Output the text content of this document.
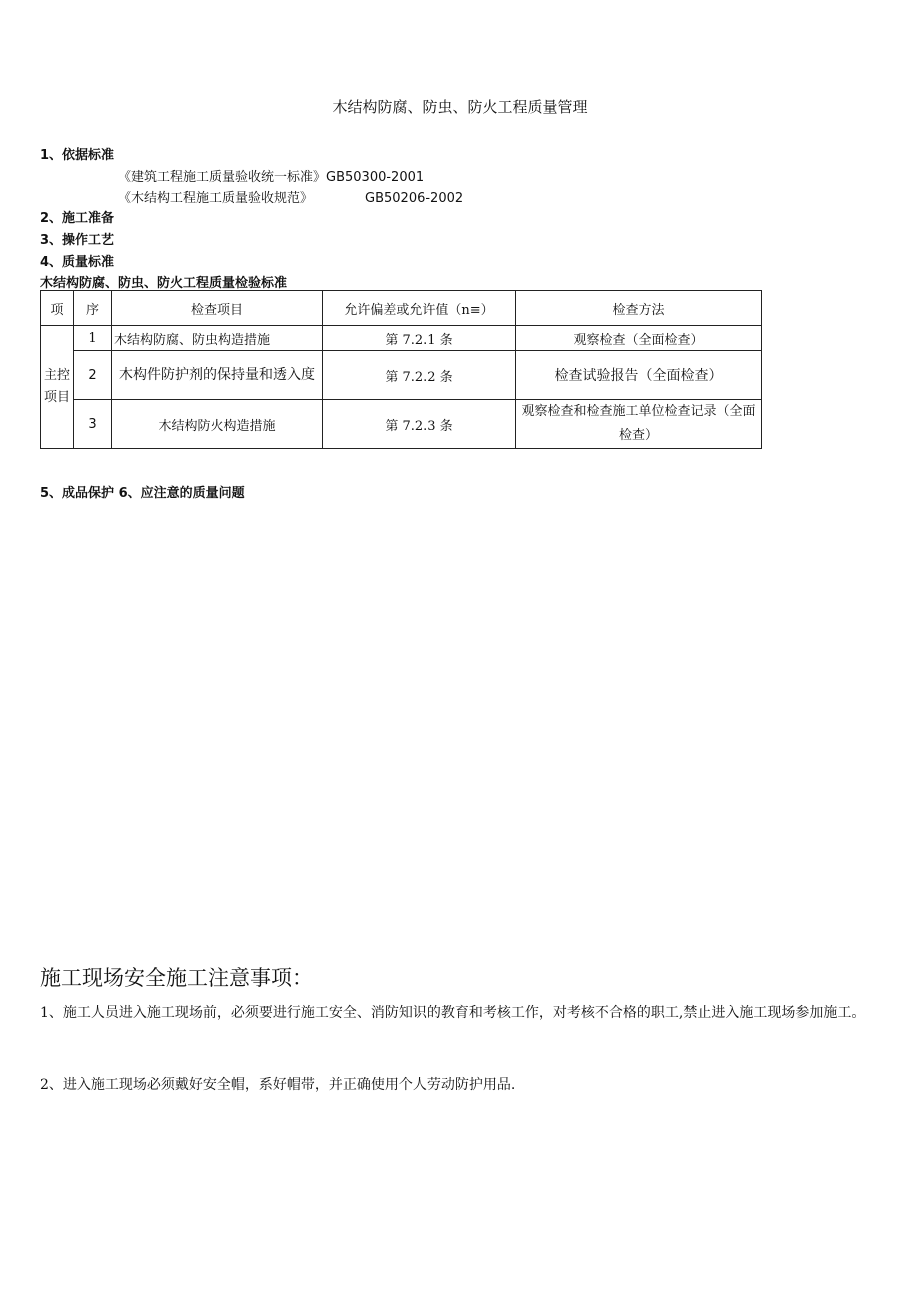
木结构防腐、防虫、防火工程质量管理
1、依据标准
《建筑工程施工质量验收统一标准》GB50300-2001
《木结构工程施工质量验收规范》	GB50206-2002
2、施工准备
3、操作工艺
4、质量标准
木结构防腐、防虫、防火工程质量检验标准
项	序	检查项目	允许偏差或允许值（n≡）	检查方法
主控项目	1	木结构防腐、防虫构造措施	第 7.2.1 条	观察检查（全面检查）
	2	木构件防护剂的保持量和透入度	第 7.2.2 条	检查试验报告（全面检查）
	3	木结构防火构造措施	第 7.2.3 条	观察检查和检查施工单位检查记录（全面检查）
5、成品保护 6、应注意的质量问题
施工现场安全施工注意事项：
1、施工人员进入施工现场前，必须要进行施工安全、消防知识的教育和考核工作，对考核不合格的职工,禁止进入施工现场参加施工。
2、进入施工现场必须戴好安全帽，系好帽带，并正确使用个人劳动防护用品.
